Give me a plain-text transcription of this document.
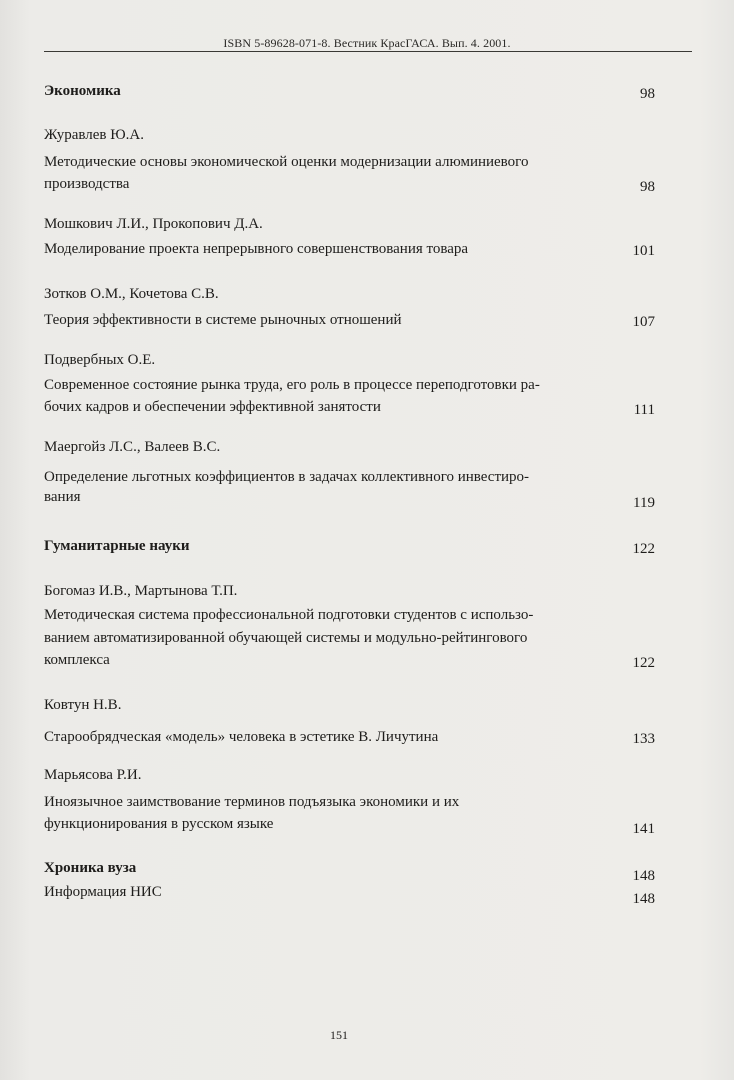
ISBN 5-89628-071-8. Вестник КрасГАСА. Вып. 4. 2001.
Экономика	98
Журавлев Ю.А.
Методические основы экономической оценки модернизации алюминиевого
производства	98
Мошкович Л.И., Прокопович Д.А.
Моделирование проекта непрерывного совершенствования товара	101
Зотков О.М., Кочетова С.В.
Теория эффективности в системе рыночных отношений	107
Подвербных О.Е.
Современное состояние рынка труда, его роль в процессе переподготовки ра-
бочих кадров и обеспечении эффективной занятости	111
Маергойз Л.С., Валеев В.С.
Определение льготных коэффициентов в задачах коллективного инвестиро-
вания	119
Гуманитарные науки	122
Богомаз И.В., Мартынова Т.П.
Методическая система профессиональной подготовки студентов с использо-
ванием автоматизированной обучающей системы и модульно-рейтингового
комплекса	122
Ковтун Н.В.
Старообрядческая «модель» человека в эстетике В. Личутина	133
Марьясова Р.И.
Иноязычное заимствование терминов подъязыка экономики и их
функционирования в русском языке	141
Хроника вуза	148
Информация НИС	148
151
